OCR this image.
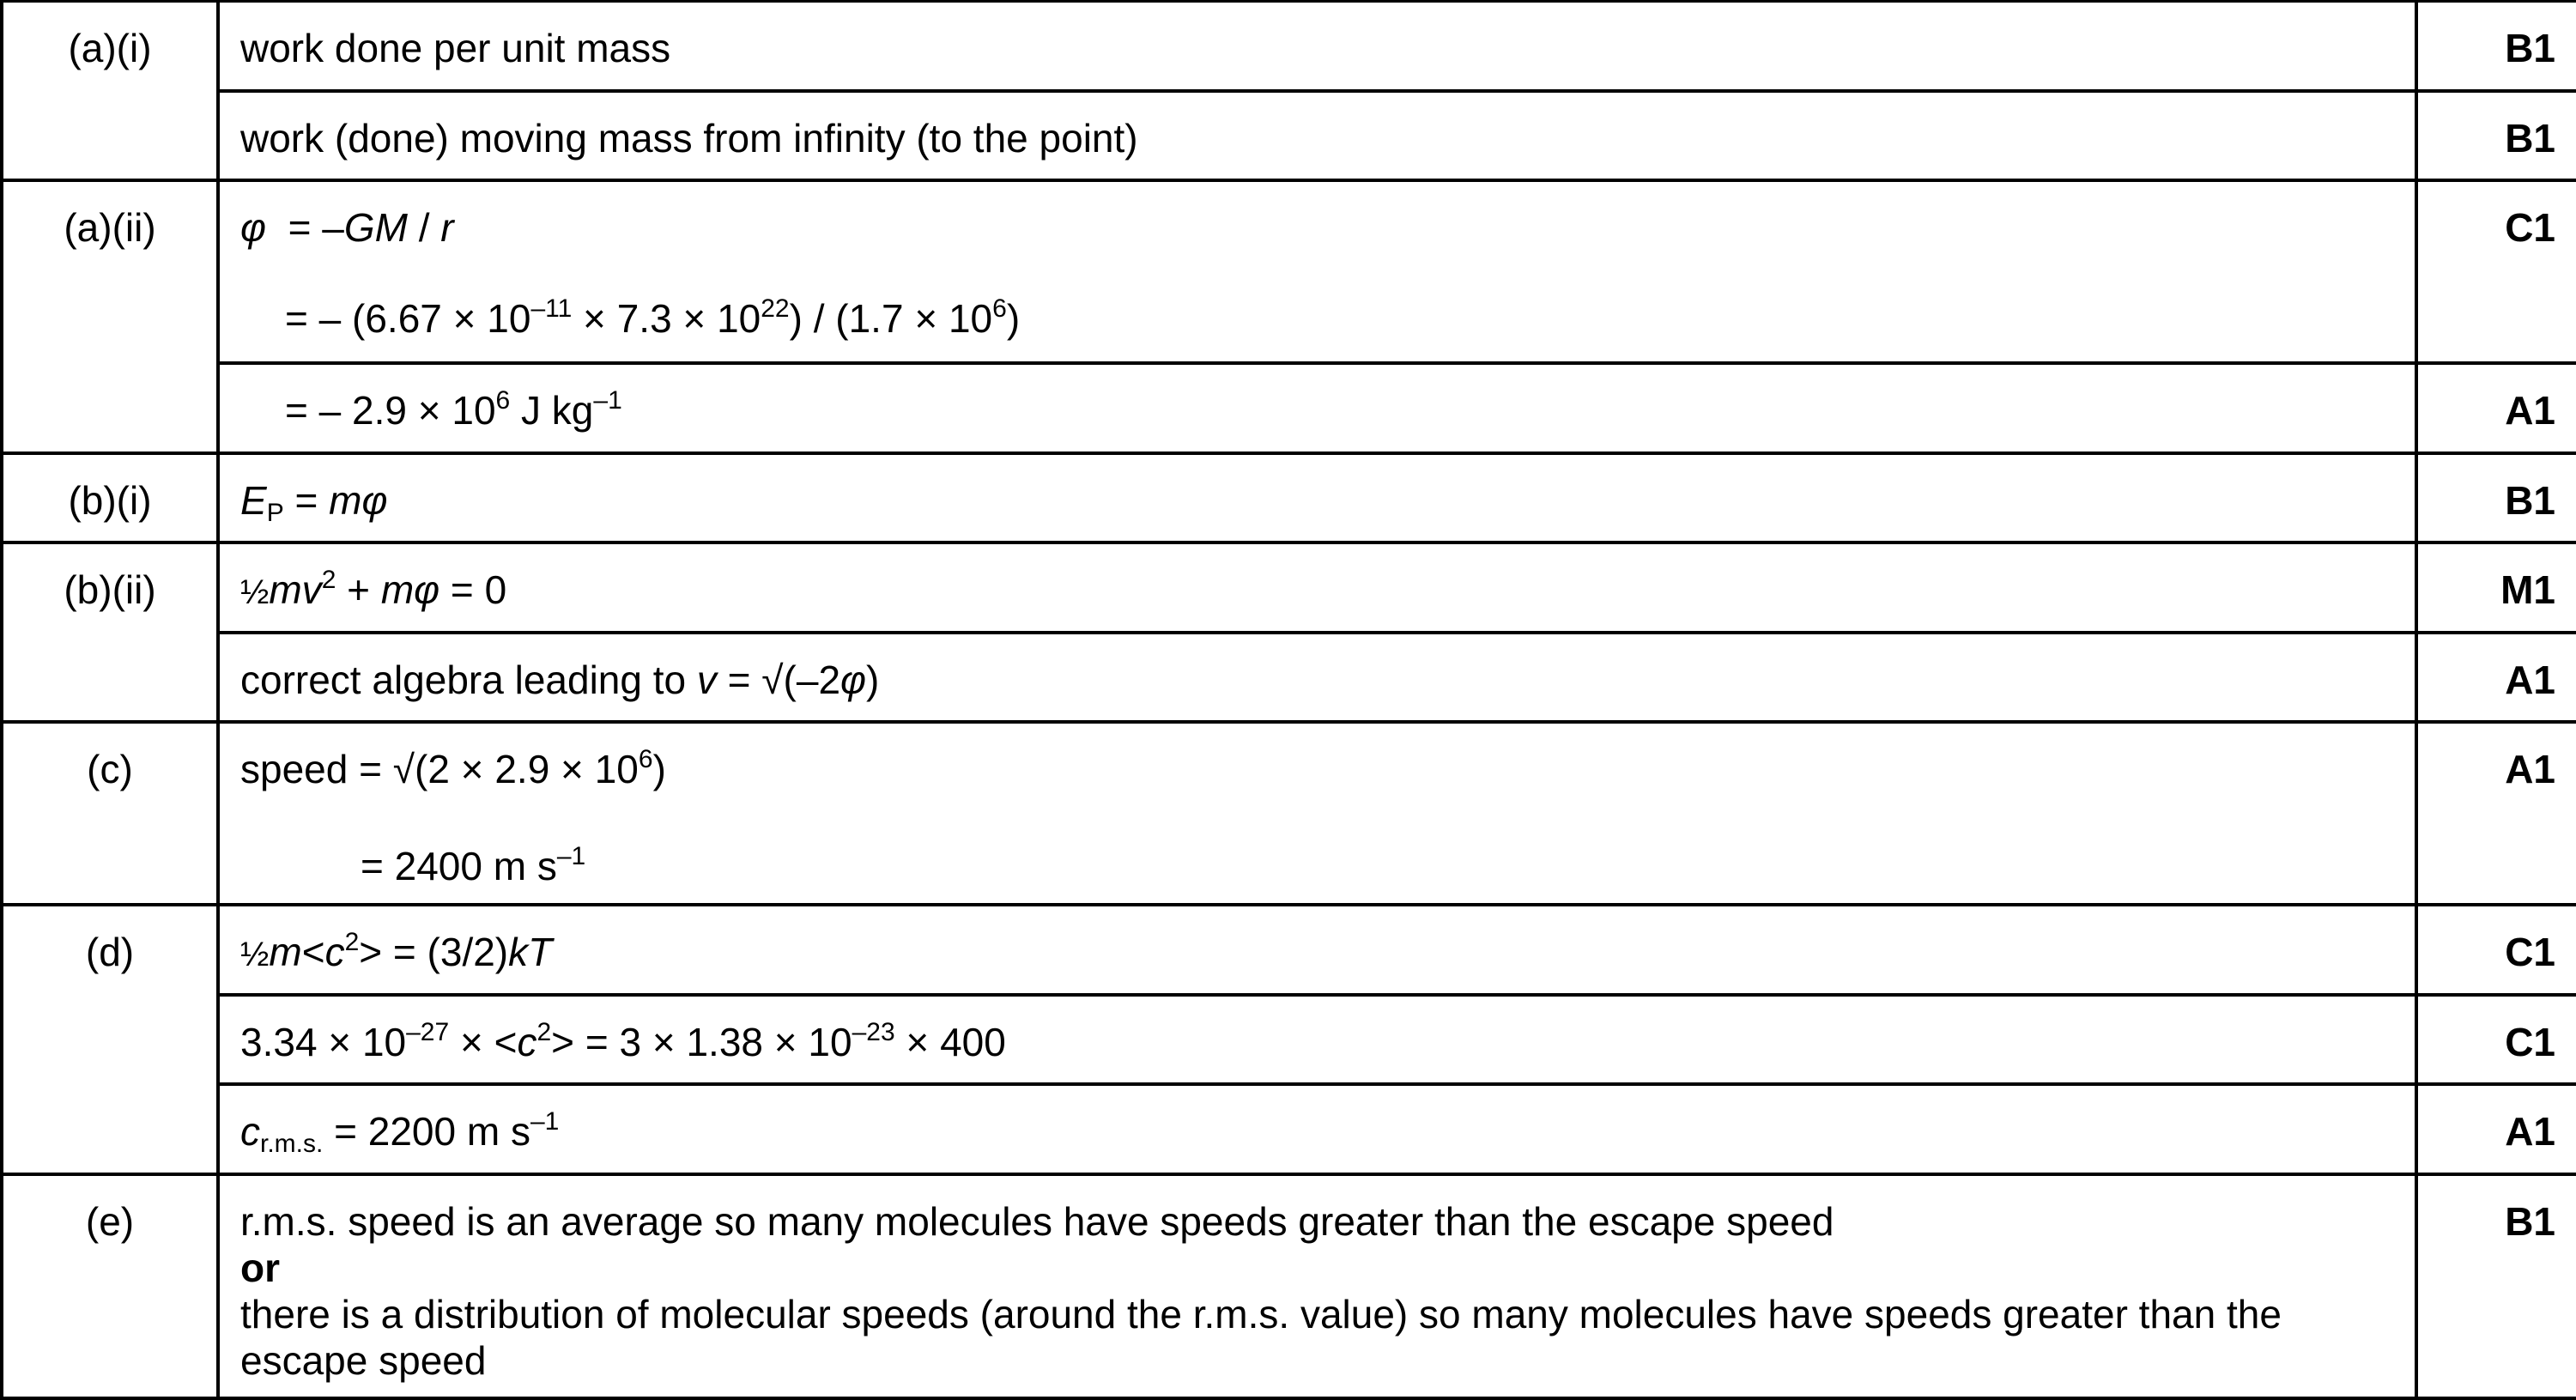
(a)(i)	work done per unit mass	B1
	work (done) moving mass from infinity (to the point)	B1
(a)(ii)	φ  = –GM / r
= – $(6.67 \times 10^{-11} \times 7.3 \times 10^{22}) / (1.7 \times 10^6)$	C1
	= – $2.9 \times 10^6$ J $kg^{-1}$	A1
(b)(i)	$E_P = m\varphi$	B1
(b)(ii)	$\frac{1}{2}mv^2 + m\varphi = 0$	M1
	correct algebra leading to v = √(–2φ)	A1
(c)	speed = $√(2 \times 2.9 \times 10^6)$
= 2400 m $s^{-1}$	A1
(d)	$\frac{1}{2}m<c^2> = (3/2)kT$	C1
	$3.34 \times 10^{-27} \times <c^2> = 3 \times 1.38 \times 10^{-23} \times 400$	C1
	$c_{r.m.s.} = 2200$ m $s^{-1}$	A1
(e)	r.m.s. speed is an average so many molecules have speeds greater than the escape speed
or
there is a distribution of molecular speeds (around the r.m.s. value) so many molecules have speeds greater than the
escape speed	B1
